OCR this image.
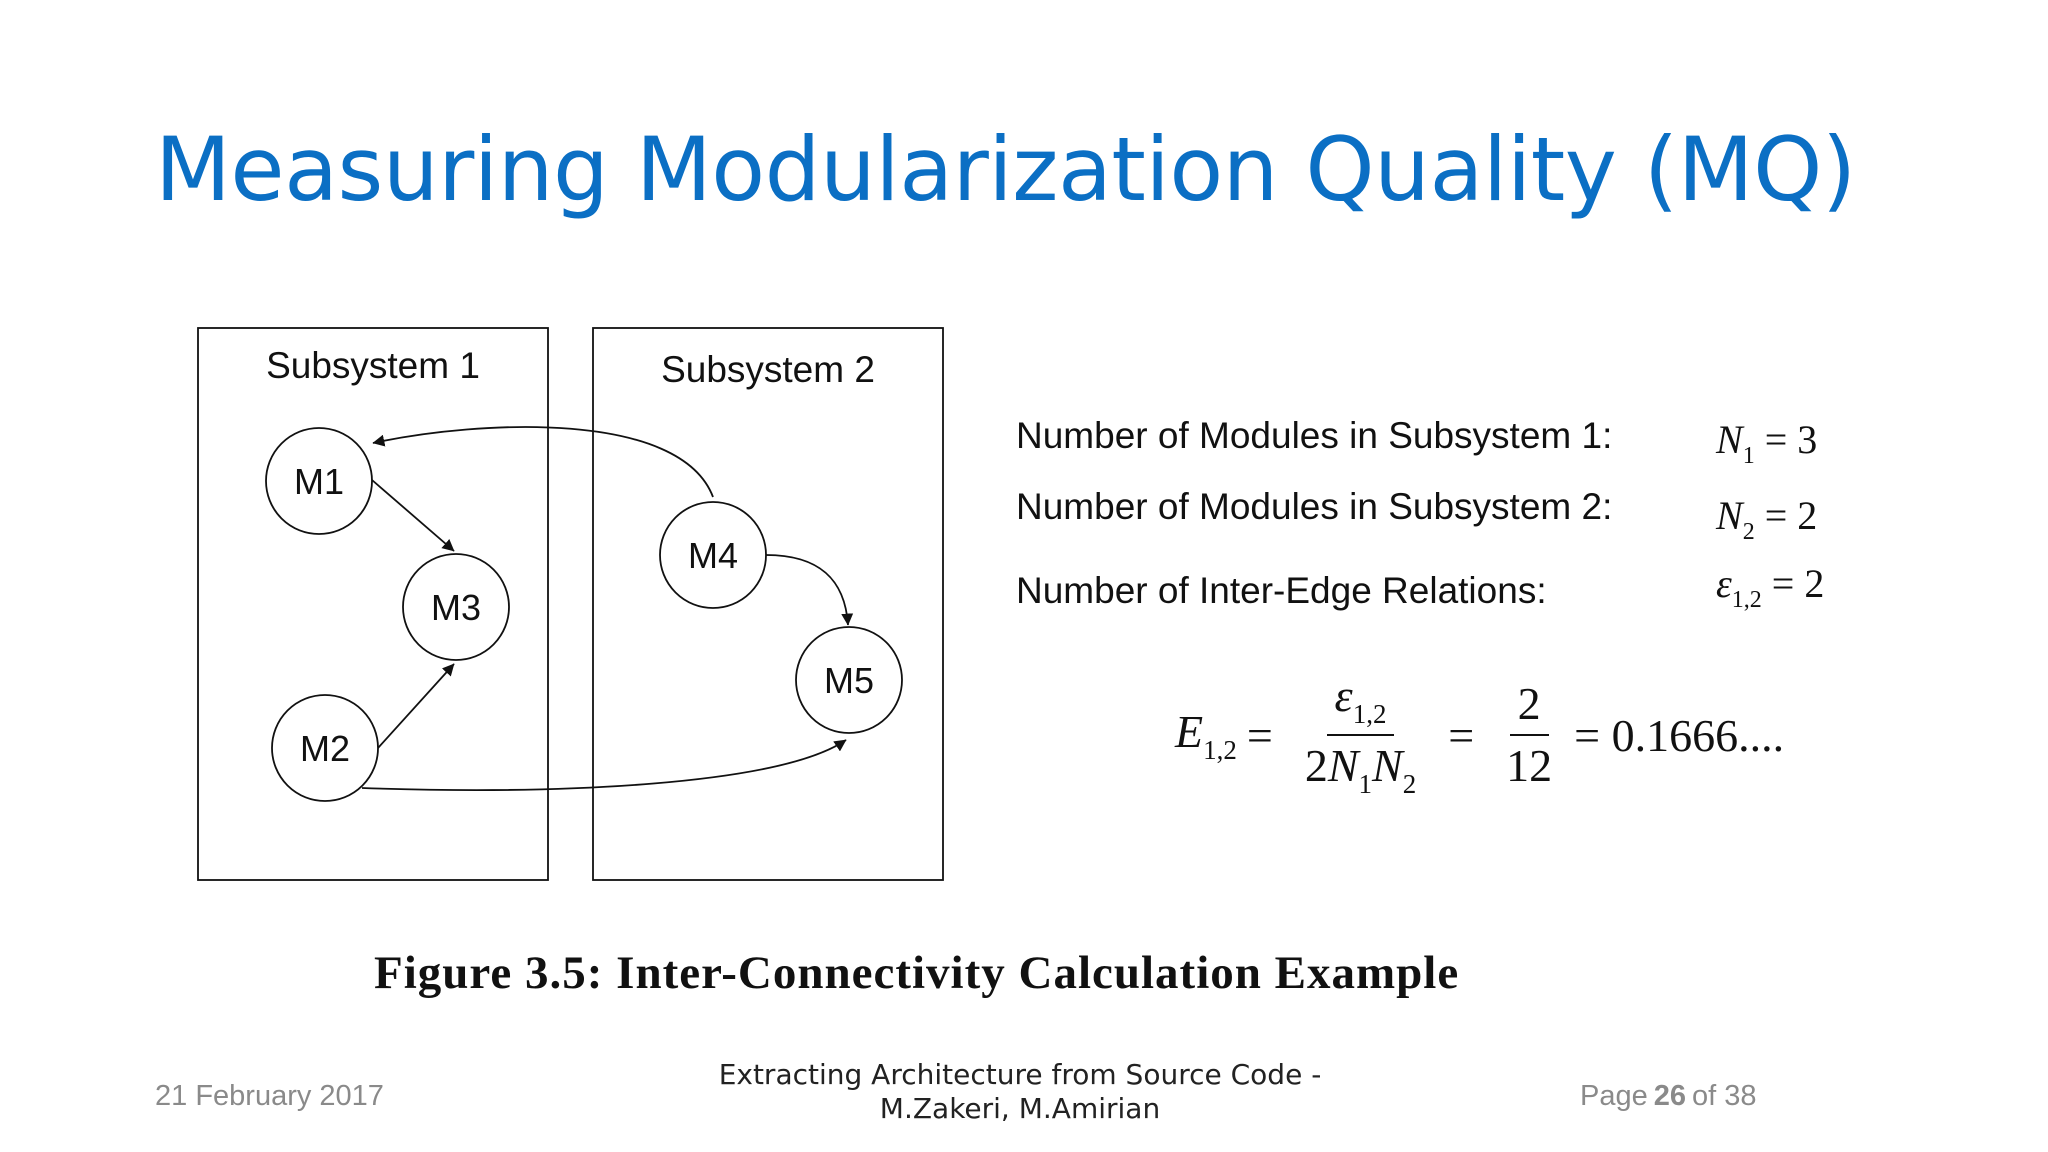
Measuring Modularization Quality (MQ)
Subsystem 1	Subsystem 2
M1
M3
M2
M4
M5
Number of Modules in Subsystem 1:	$N_1 = 3$
Number of Modules in Subsystem 2:	$N_2 = 2$
Number of Inter-Edge Relations:	$\varepsilon_{1,2} = 2$
$E_{1,2} = \frac{\varepsilon_{1,2}}{2N_1N_2} = \frac{2}{12} = 0.1666$....
Figure 3.5: Inter-Connectivity Calculation Example
21 February 2017
Extracting Architecture from Source Code -
M.Zakeri, M.Amirian	Page 26 of 38
